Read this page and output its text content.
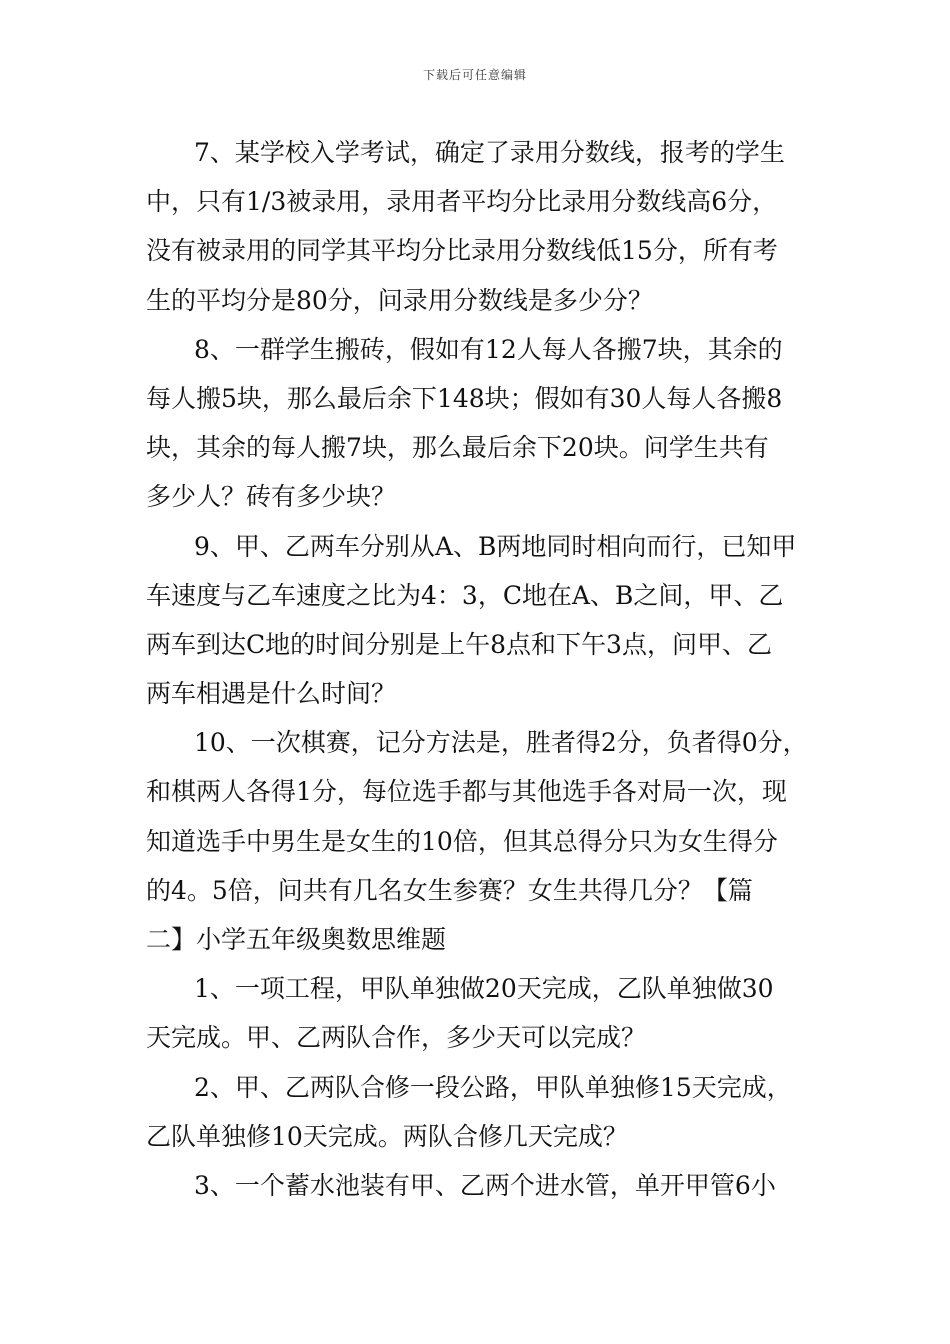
下载后可任意编辑
7、某学校入学考试，确定了录用分数线，报考的学生
中，只有1/3被录用，录用者平均分比录用分数线高6分，
没有被录用的同学其平均分比录用分数线低15分，所有考
生的平均分是80分，问录用分数线是多少分？
8、一群学生搬砖，假如有12人每人各搬7块，其余的
每人搬5块，那么最后余下148块；假如有30人每人各搬8
块，其余的每人搬7块，那么最后余下20块。问学生共有
多少人？砖有多少块？
9、甲、乙两车分别从A、B两地同时相向而行，已知甲
车速度与乙车速度之比为4：3，C地在A、B之间，甲、乙
两车到达C地的时间分别是上午8点和下午3点，问甲、乙
两车相遇是什么时间？
10、一次棋赛，记分方法是，胜者得2分，负者得0分，
和棋两人各得1分，每位选手都与其他选手各对局一次，现
知道选手中男生是女生的10倍，但其总得分只为女生得分
的4。5倍，问共有几名女生参赛？女生共得几分？【篇
二】小学五年级奥数思维题
1、一项工程，甲队单独做20天完成，乙队单独做30
天完成。甲、乙两队合作，多少天可以完成？
2、甲、乙两队合修一段公路，甲队单独修15天完成，
乙队单独修10天完成。两队合修几天完成？
3、一个蓄水池装有甲、乙两个进水管，单开甲管6小
